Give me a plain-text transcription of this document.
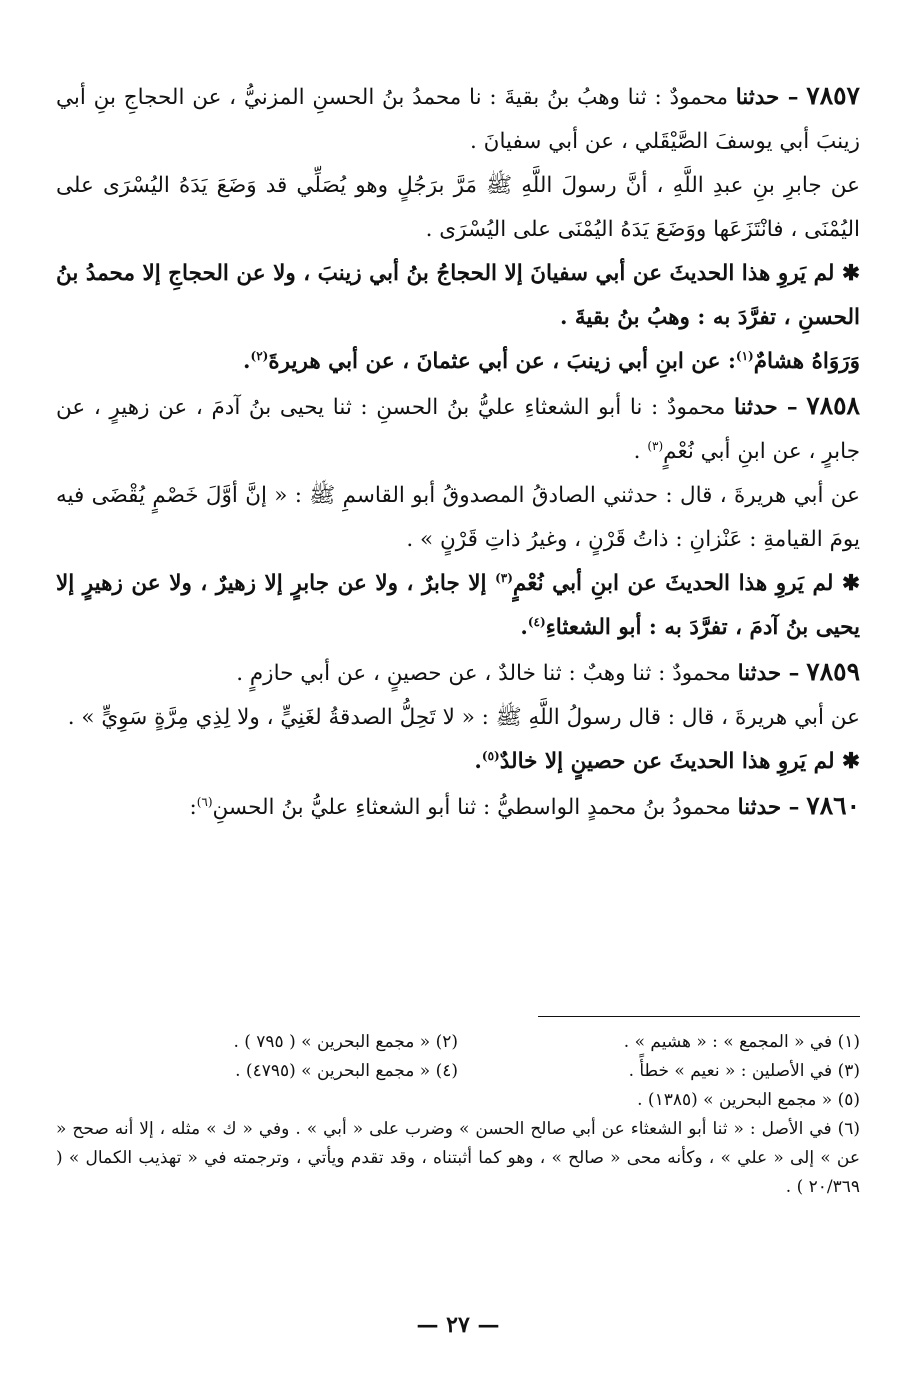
٧٨٥٧ – حدثنا محمودٌ : ثنا وهبُ بنُ بقيةَ : نا محمدُ بنُ الحسنِ المزنيُّ ، عن الحجاجِ بنِ أبي زينبَ أبي يوسفَ الصَّيْقَلي ، عن أبي سفيانَ .

عن جابرِ بنِ عبدِ اللَّهِ ، أنَّ رسولَ اللَّهِ ﷺ مَرَّ برَجُلٍ وهو يُصَلِّي قد وَضَعَ يَدَهُ اليُسْرَى على اليُمْنَى ، فانْتَزَعَها ووَضَعَ يَدَهُ اليُمْنَى على اليُسْرَى .

✱ لم يَروِ هذا الحديثَ عن أبي سفيانَ إلا الحجاجُ بنُ أبي زينبَ ، ولا عن الحجاجِ إلا محمدُ بنُ الحسنِ ، تفرَّدَ به : وهبُ بنُ بقيةَ .

وَرَوَاهُ هشامٌ$^{(١)}$: عن ابنِ أبي زينبَ ، عن أبي عثمانَ ، عن أبي هريرةَ$^{(٢)}$.

٧٨٥٨ – حدثنا محمودٌ : نا أبو الشعثاءِ عليُّ بنُ الحسنِ : ثنا يحيى بنُ آدمَ ، عن زهيرٍ ، عن جابرٍ ، عن ابنِ أبي نُعْمٍ$^{(٣)}$ .

عن أبي هريرةَ ، قال : حدثني الصادقُ المصدوقُ أبو القاسمِ ﷺ : « إنَّ أوَّلَ خَصْمٍ يُقْضَى فيه يومَ القيامةِ : عَنْزانِ : ذاتُ قَرْنٍ ، وغيرُ ذاتِ قَرْنٍ » .

✱ لم يَروِ هذا الحديثَ عن ابنِ أبي نُعْمٍ$^{(٣)}$ إلا جابرٌ ، ولا عن جابرٍ إلا زهيرٌ ، ولا عن زهيرٍ إلا يحيى بنُ آدمَ ، تفرَّدَ به : أبو الشعثاءِ$^{(٤)}$.

٧٨٥٩ – حدثنا محمودٌ : ثنا وهبٌ : ثنا خالدٌ ، عن حصينٍ ، عن أبي حازمٍ .

عن أبي هريرةَ ، قال : قال رسولُ اللَّهِ ﷺ : « لا تَحِلُّ الصدقةُ لغَنِيٍّ ، ولا لِذِي مِرَّةٍ سَوِيٍّ » .

✱ لم يَروِ هذا الحديثَ عن حصينٍ إلا خالدٌ$^{(٥)}$.

٧٨٦٠ – حدثنا محمودُ بنُ محمدٍ الواسطيُّ : ثنا أبو الشعثاءِ عليُّ بنُ الحسنِ$^{(٦)}$:

(١) في « المجمع » : « هشيم » .
(٢) « مجمع البحرين » ( ٧٩٥ ) .
(٣) في الأصلين : « نعيم » خطأً .
(٤) « مجمع البحرين » (٤٧٩٥) .
(٥) « مجمع البحرين » (١٣٨٥) .

(٦) في الأصل : « ثنا أبو الشعثاء عن أبي صالح الحسن » وضرب على « أبي » . وفي « ك » مثله ، إلا أنه صحح « عن » إلى « علي » ، وكأنه محى « صالح » ، وهو كما أثبتناه ، وقد تقدم ويأتي ، وترجمته في « تهذيب الكمال » ( ٢٠/٣٦٩ ) .

— ٢٧ —
